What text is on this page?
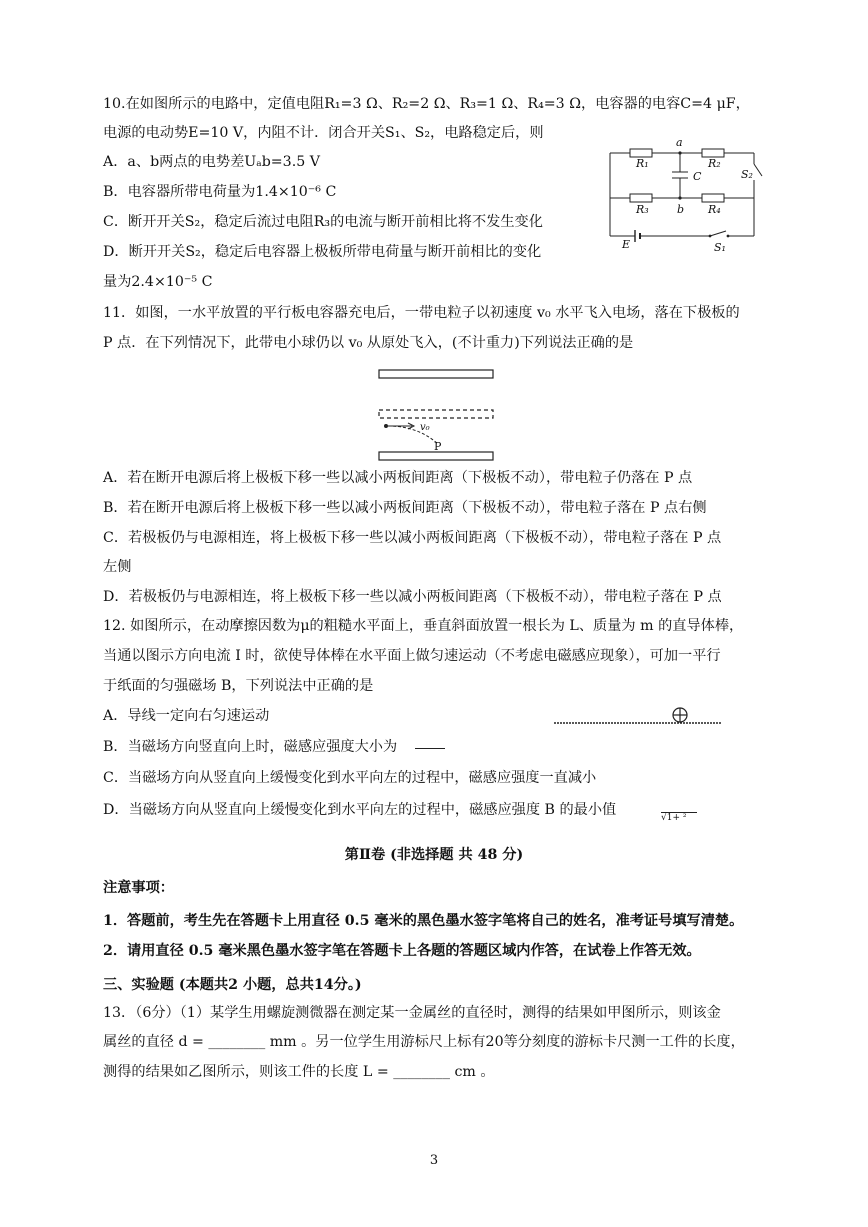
10.在如图所示的电路中，定值电阻R₁=3 Ω、R₂=2 Ω、R₃=1 Ω、R₄=3 Ω，电容器的电容C=4 μF，
电源的电动势E=10 V，内阻不计．闭合开关S₁、S₂，电路稳定后，则
A．a、b两点的电势差Uₐb=3.5 V
B．电容器所带电荷量为1.4×10⁻⁶ C
C．断开开关S₂，稳定后流过电阻R₃的电流与断开前相比将不发生变化
D．断开开关S₂，稳定后电容器上极板所带电荷量与断开前相比的变化
量为2.4×10⁻⁵ C
a
b
C
R₁	R₂
R₃	R₄
S₂
S₁
E
11．如图，一水平放置的平行板电容器充电后，一带电粒子以初速度 v₀ 水平飞入电场，落在下极板的
P 点．在下列情况下，此带电小球仍以 v₀ 从原处飞入，(不计重力)下列说法正确的是
v₀
P
A．若在断开电源后将上极板下移一些以减小两板间距离（下极板不动），带电粒子仍落在 P 点
B．若在断开电源后将上极板下移一些以减小两板间距离（下极板不动），带电粒子落在 P 点右侧
C．若极板仍与电源相连，将上极板下移一些以减小两板间距离（下极板不动），带电粒子落在 P 点
左侧
D．若极板仍与电源相连，将上极板下移一些以减小两板间距离（下极板不动），带电粒子落在 P 点
12. 如图所示，在动摩擦因数为μ的粗糙水平面上，垂直斜面放置一根长为 L、质量为 m 的直导体棒，
当通以图示方向电流 I 时，欲使导体棒在水平面上做匀速运动（不考虑电磁感应现象），可加一平行
于纸面的匀强磁场 B，下列说法中正确的是
A．导线一定向右匀速运动
B．当磁场方向竖直向上时，磁感应强度大小为
C．当磁场方向从竖直向上缓慢变化到水平向左的过程中，磁感应强度一直减小
D．当磁场方向从竖直向上缓慢变化到水平向左的过程中，磁感应强度 B 的最小值	√1+ ²
第Ⅱ卷 (非选择题 共 48 分)
注意事项：
1．答题前，考生先在答题卡上用直径 0.5 毫米的黑色墨水签字笔将自己的姓名，准考证号填写清楚。
2．请用直径 0.5 毫米黑色墨水签字笔在答题卡上各题的答题区域内作答，在试卷上作答无效。
三、实验题 (本题共2 小题，总共14分。)
13．（6分）（1）某学生用螺旋测微器在测定某一金属丝的直径时，测得的结果如甲图所示，则该金
属丝的直径 d = ________ mm 。另一位学生用游标尺上标有20等分刻度的游标卡尺测一工件的长度，
测得的结果如乙图所示，则该工件的长度 L = ________ cm 。
3
